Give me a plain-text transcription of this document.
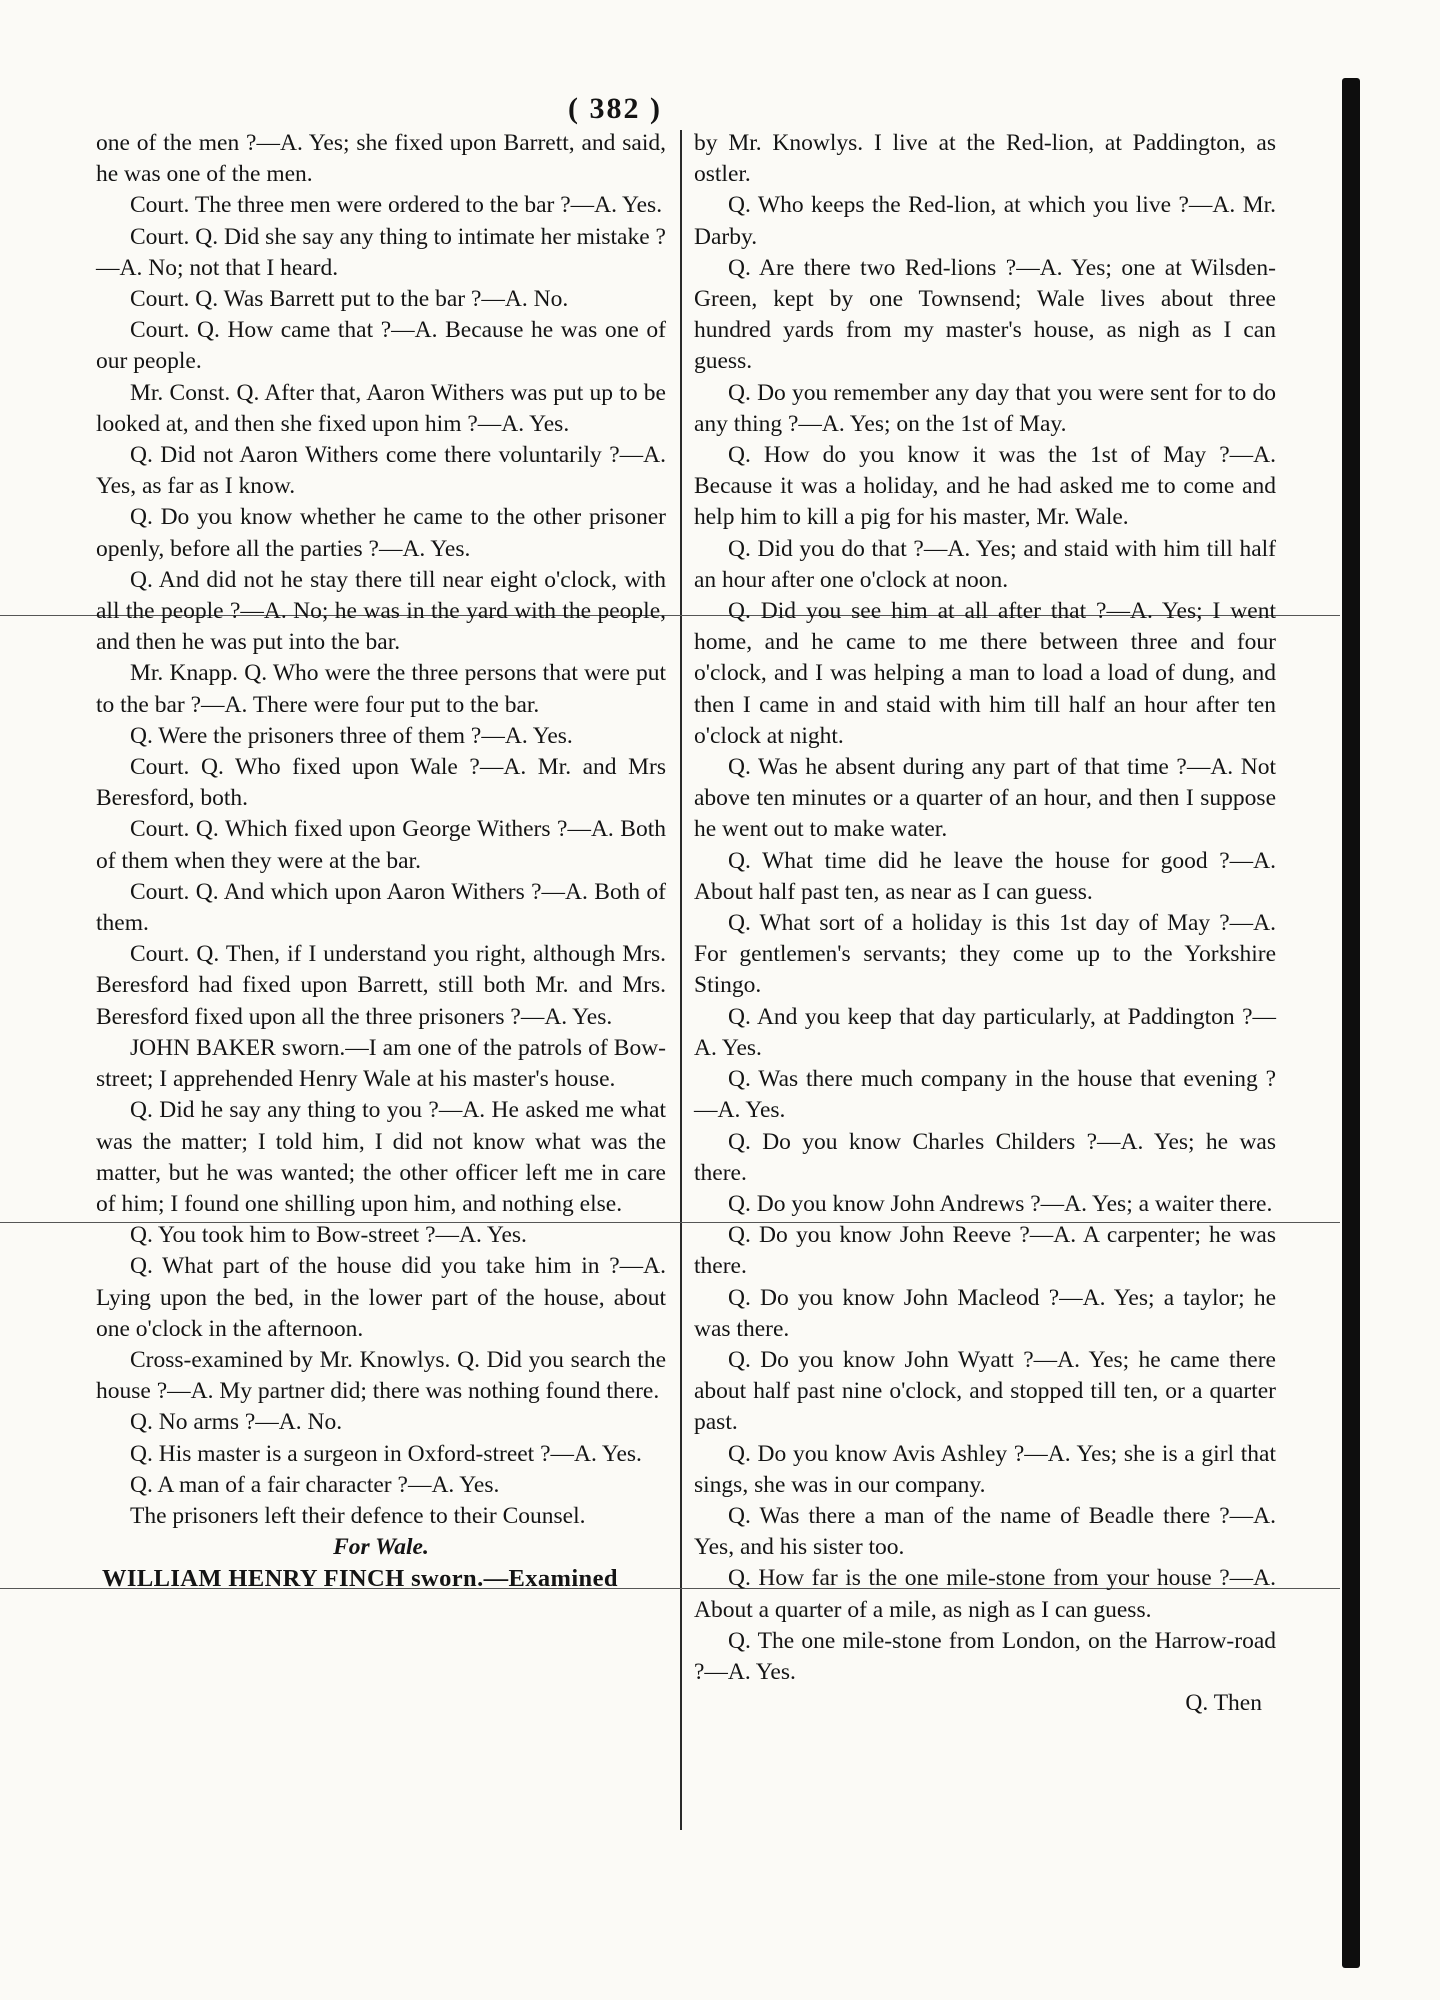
( 382 )

one of the men ?—A. Yes; she fixed upon Barrett, and said, he was one of the men.

Court. The three men were ordered to the bar ?—A. Yes.

Court. Q. Did she say any thing to intimate her mistake ?—A. No; not that I heard.

Court. Q. Was Barrett put to the bar ?—A. No.

Court. Q. How came that ?—A. Because he was one of our people.

Mr. Const. Q. After that, Aaron Withers was put up to be looked at, and then she fixed upon him ?—A. Yes.

Q. Did not Aaron Withers come there voluntarily ?—A. Yes, as far as I know.

Q. Do you know whether he came to the other prisoner openly, before all the parties ?—A. Yes.

Q. And did not he stay there till near eight o'clock, with all the people ?—A. No; he was in the yard with the people, and then he was put into the bar.

Mr. Knapp. Q. Who were the three persons that were put to the bar ?—A. There were four put to the bar.

Q. Were the prisoners three of them ?—A. Yes.

Court. Q. Who fixed upon Wale ?—A. Mr. and Mrs Beresford, both.

Court. Q. Which fixed upon George Withers ?—A. Both of them when they were at the bar.

Court. Q. And which upon Aaron Withers ?—A. Both of them.

Court. Q. Then, if I understand you right, although Mrs. Beresford had fixed upon Barrett, still both Mr. and Mrs. Beresford fixed upon all the three prisoners ?—A. Yes.

JOHN BAKER sworn.—I am one of the patrols of Bow-street; I apprehended Henry Wale at his master's house.

Q. Did he say any thing to you ?—A. He asked me what was the matter; I told him, I did not know what was the matter, but he was wanted; the other officer left me in care of him; I found one shilling upon him, and nothing else.

Q. You took him to Bow-street ?—A. Yes.

Q. What part of the house did you take him in ?—A. Lying upon the bed, in the lower part of the house, about one o'clock in the afternoon.

Cross-examined by Mr. Knowlys. Q. Did you search the house ?—A. My partner did; there was nothing found there.

Q. No arms ?—A. No.

Q. His master is a surgeon in Oxford-street ?—A. Yes.

Q. A man of a fair character ?—A. Yes.

The prisoners left their defence to their Counsel.

For Wale.

WILLIAM HENRY FINCH sworn.—Examined

by Mr. Knowlys. I live at the Red-lion, at Paddington, as ostler.

Q. Who keeps the Red-lion, at which you live ?—A. Mr. Darby.

Q. Are there two Red-lions ?—A. Yes; one at Wilsden-Green, kept by one Townsend; Wale lives about three hundred yards from my master's house, as nigh as I can guess.

Q. Do you remember any day that you were sent for to do any thing ?—A. Yes; on the 1st of May.

Q. How do you know it was the 1st of May ?—A. Because it was a holiday, and he had asked me to come and help him to kill a pig for his master, Mr. Wale.

Q. Did you do that ?—A. Yes; and staid with him till half an hour after one o'clock at noon.

Q. Did you see him at all after that ?—A. Yes; I went home, and he came to me there between three and four o'clock, and I was helping a man to load a load of dung, and then I came in and staid with him till half an hour after ten o'clock at night.

Q. Was he absent during any part of that time ?—A. Not above ten minutes or a quarter of an hour, and then I suppose he went out to make water.

Q. What time did he leave the house for good ?—A. About half past ten, as near as I can guess.

Q. What sort of a holiday is this 1st day of May ?—A. For gentlemen's servants; they come up to the Yorkshire Stingo.

Q. And you keep that day particularly, at Paddington ?—A. Yes.

Q. Was there much company in the house that evening ?—A. Yes.

Q. Do you know Charles Childers ?—A. Yes; he was there.

Q. Do you know John Andrews ?—A. Yes; a waiter there.

Q. Do you know John Reeve ?—A. A carpenter; he was there.

Q. Do you know John Macleod ?—A. Yes; a taylor; he was there.

Q. Do you know John Wyatt ?—A. Yes; he came there about half past nine o'clock, and stopped till ten, or a quarter past.

Q. Do you know Avis Ashley ?—A. Yes; she is a girl that sings, she was in our company.

Q. Was there a man of the name of Beadle there ?—A. Yes, and his sister too.

Q. How far is the one mile-stone from your house ?—A. About a quarter of a mile, as nigh as I can guess.

Q. The one mile-stone from London, on the Harrow-road ?—A. Yes.

Q. Then
